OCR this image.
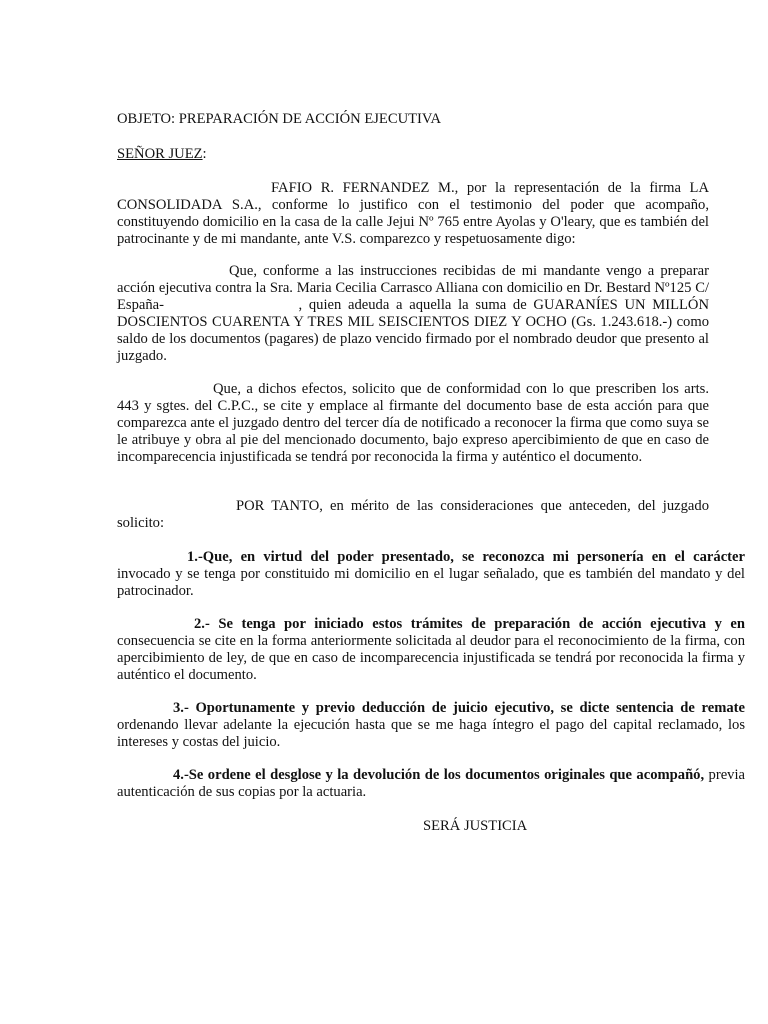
OBJETO: PREPARACIÓN DE ACCIÓN EJECUTIVA

SEÑOR JUEZ:

FAFIO R. FERNANDEZ M., por la representación de la firma LA CONSOLIDADA S.A., conforme lo justifico con el testimonio del poder que acompaño, constituyendo domicilio en la casa de la calle Jejui Nº 765 entre Ayolas y O'leary, que es también del patrocinante y de mi mandante, ante V.S. comparezco y respetuosamente digo:

Que, conforme a las instrucciones recibidas de mi mandante vengo a preparar acción ejecutiva contra la Sra. Maria Cecilia Carrasco Alliana con domicilio en Dr. Bestard Nº125 C/ España-                    , quien adeuda a aquella la suma de GUARANÍES UN MILLÓN DOSCIENTOS CUARENTA Y TRES MIL SEISCIENTOS DIEZ Y OCHO (Gs. 1.243.618.-) como saldo de los documentos (pagares) de plazo vencido firmado por el nombrado deudor que presento al juzgado.

Que, a dichos efectos, solicito que de conformidad con lo que prescriben los arts. 443 y sgtes. del C.P.C., se cite y emplace al firmante del documento base de esta acción para que comparezca ante el juzgado dentro del tercer día de notificado a reconocer la firma que como suya se le atribuye y obra al pie del mencionado documento, bajo expreso apercibimiento de que en caso de incomparecencia injustificada se tendrá por reconocida la firma y auténtico el documento.

POR TANTO, en mérito de las consideraciones que anteceden, del juzgado solicito:

1.-Que, en virtud del poder presentado, se reconozca mi personería en el carácter invocado y se tenga por constituido mi domicilio en el lugar señalado, que es también del mandato y del patrocinador.

2.- Se tenga por iniciado estos trámites de preparación de acción ejecutiva y en consecuencia se cite en la forma anteriormente solicitada al deudor para el reconocimiento de la firma, con apercibimiento de ley, de que en caso de incomparecencia injustificada se tendrá por reconocida la firma y auténtico el documento.

3.- Oportunamente y previo deducción de juicio ejecutivo, se dicte sentencia de remate ordenando llevar adelante la ejecución hasta que se me haga íntegro el pago del capital reclamado, los intereses y costas del juicio.

4.-Se ordene el desglose y la devolución de los documentos originales que acompañó, previa autenticación de sus copias por la actuaria.

SERÁ JUSTICIA
